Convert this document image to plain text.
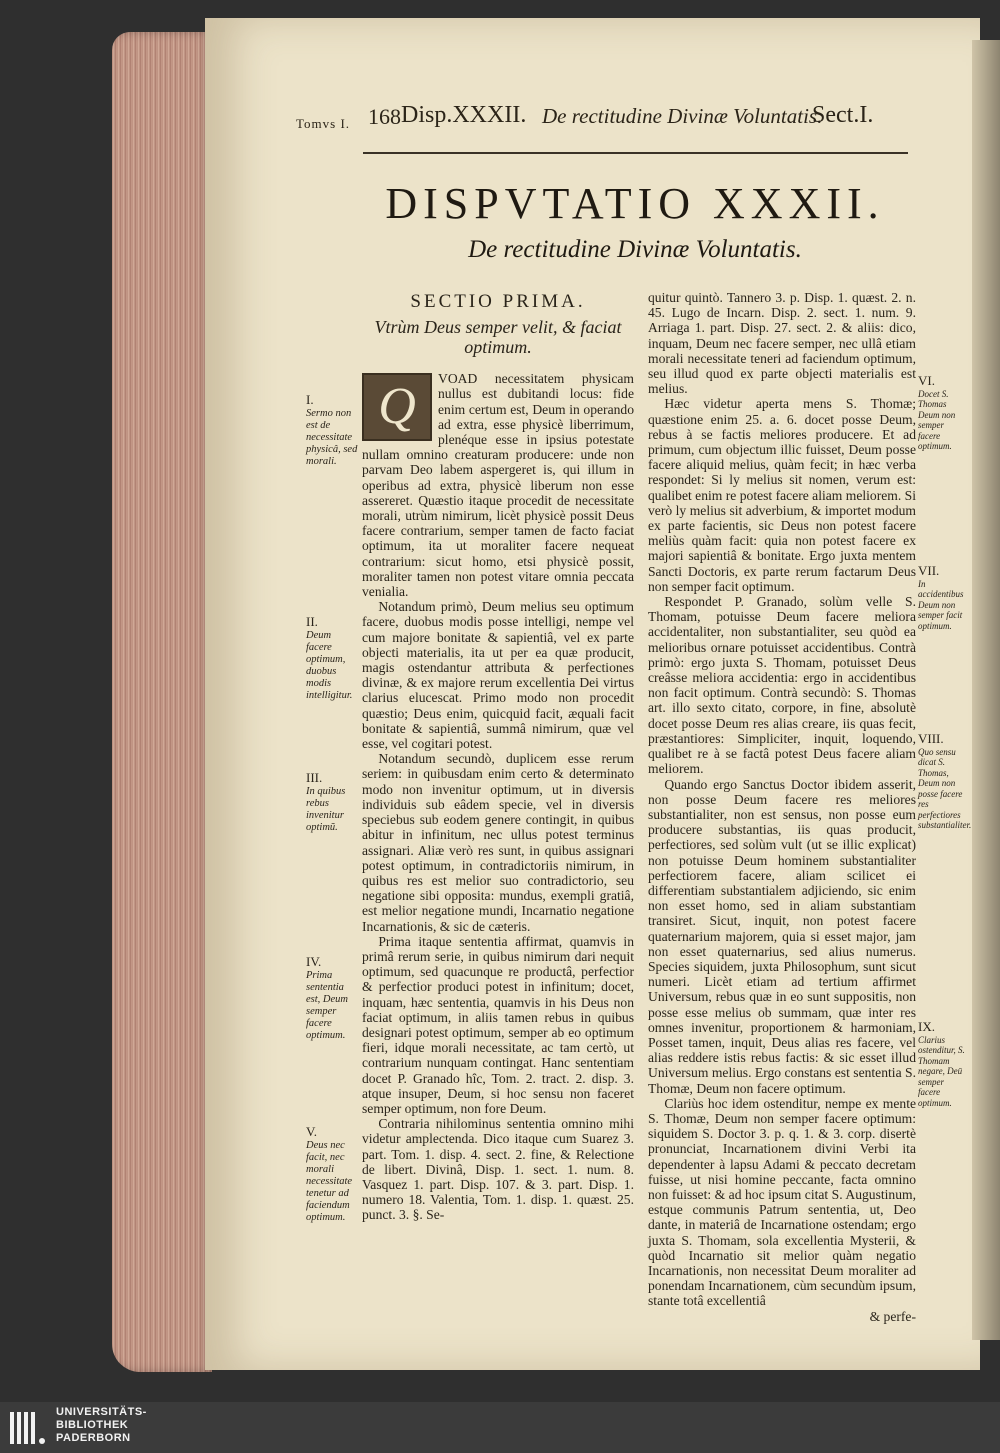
Tomvs I. 168 Disp.XXXII. De rectitudine Divinæ Voluntatis.
Sect.I.
DISPVTATIO XXXII.
De rectitudine Divinæ Voluntatis.
SECTIO PRIMA.
Vtrùm Deus semper velit, & faciat optimum.
Q	VOAD necessitatem physicam nullus est dubitandi locus: fide enim certum est, Deum in operando ad extra, esse physicè liberrimum, plenéque esse in ipsius potestate nullam omnino creaturam producere: unde non parvam Deo labem aspergeret is, qui illum in operibus ad extra, physicè liberum non esse assereret. Quæstio itaque procedit de necessitate morali, utrùm nimirum, licèt physicè possit Deus facere contrarium, semper tamen de facto faciat optimum, ita ut moraliter facere nequeat contrarium: sicut homo, etsi physicè possit, moraliter tamen non potest vitare omnia peccata venialia.

Notandum primò, Deum melius seu optimum facere, duobus modis posse intelligi, nempe vel cum majore bonitate & sapientiâ, vel ex parte objecti materialis, ita ut per ea quæ producit, magis ostendantur attributa & perfectiones divinæ, & ex majore rerum excellentia Dei virtus clarius elucescat. Primo modo non procedit quæstio; Deus enim, quicquid facit, æquali facit bonitate & sapientiâ, summâ nimirum, quæ vel esse, vel cogitari potest.

Notandum secundò, duplicem esse rerum seriem: in quibusdam enim certo & determinato modo non invenitur optimum, ut in diversis individuis sub eâdem specie, vel in diversis speciebus sub eodem genere contingit, in quibus abitur in infinitum, nec ullus potest terminus assignari. Aliæ verò res sunt, in quibus assignari potest optimum, in contradictoriis nimirum, in quibus res est melior suo contradictorio, seu negatione sibi opposita: mundus, exempli gratiâ, est melior negatione mundi, Incarnatio negatione Incarnationis, & sic de cæteris.

Prima itaque sententia affirmat, quamvis in primâ rerum serie, in quibus nimirum dari nequit optimum, sed quacunque re productâ, perfectior & perfectior produci potest in infinitum; docet, inquam, hæc sententia, quamvis in his Deus non faciat optimum, in aliis tamen rebus in quibus designari potest optimum, semper ab eo optimum fieri, idque morali necessitate, ac tam certò, ut contrarium nunquam contingat. Hanc sententiam docet P. Granado hîc, Tom. 2. tract. 2. disp. 3. atque insuper, Deum, si hoc sensu non faceret semper optimum, non fore Deum.

Contraria nihilominus sententia omnino mihi videtur amplectenda. Dico itaque cum Suarez 3. part. Tom. 1. disp. 4. sect. 2. fine, & Relectione de libert. Divinâ, Disp. 1. sect. 1. num. 8. Vasquez 1. part. Disp. 107. & 3. part. Disp. 1. numero 18. Valentia, Tom. 1. disp. 1. quæst. 25. punct. 3. §. Se-

quitur quintò. Tannero 3. p. Disp. 1. quæst. 2. n. 45. Lugo de Incarn. Disp. 2. sect. 1. num. 9. Arriaga 1. part. Disp. 27. sect. 2. & aliis: dico, inquam, Deum nec facere semper, nec ullâ etiam morali necessitate teneri ad faciendum optimum, seu illud quod ex parte objecti materialis est melius.

Hæc videtur aperta mens S. Thomæ; quæstione enim 25. a. 6. docet posse Deum, rebus à se factis meliores producere. Et ad primum, cum objectum illic fuisset, Deum posse facere aliquid melius, quàm fecit; in hæc verba respondet: Si ly melius sit nomen, verum est: qualibet enim re potest facere aliam meliorem. Si verò ly melius sit adverbium, & importet modum ex parte facientis, sic Deus non potest facere meliùs quàm facit: quia non potest facere ex majori sapientiâ & bonitate. Ergo juxta mentem Sancti Doctoris, ex parte rerum factarum Deus non semper facit optimum.

Respondet P. Granado, solùm velle S. Thomam, potuisse Deum facere meliora accidentaliter, non substantialiter, seu quòd ea melioribus ornare potuisset accidentibus. Contrà primò: ergo juxta S. Thomam, potuisset Deus creâsse meliora accidentia: ergo in accidentibus non facit optimum. Contrà secundò: S. Thomas art. illo sexto citato, corpore, in fine, absolutè docet posse Deum res alias creare, iis quas fecit, præstantiores: Simpliciter, inquit, loquendo, qualibet re à se factâ potest Deus facere aliam meliorem.

Quando ergo Sanctus Doctor ibidem asserit, non posse Deum facere res meliores substantialiter, non est sensus, non posse eum producere substantias, iis quas producit, perfectiores, sed solùm vult (ut se illic explicat) non potuisse Deum hominem substantialiter perfectiorem facere, aliam scilicet ei differentiam substantialem adjiciendo, sic enim non esset homo, sed in aliam substantiam transiret. Sicut, inquit, non potest facere quaternarium majorem, quia si esset major, jam non esset quaternarius, sed alius numerus. Species siquidem, juxta Philosophum, sunt sicut numeri. Licèt etiam ad tertium affirmet Universum, rebus quæ in eo sunt suppositis, non posse esse melius ob summam, quæ inter res omnes invenitur, proportionem & harmoniam, Posset tamen, inquit, Deus alias res facere, vel alias reddere istis rebus factis: & sic esset illud Universum melius. Ergo constans est sententia S. Thomæ, Deum non facere optimum.

Clariùs hoc idem ostenditur, nempe ex mente S. Thomæ, Deum non semper facere optimum: siquidem S. Doctor 3. p. q. 1. & 3. corp. disertè pronunciat, Incarnationem divini Verbi ita dependenter à lapsu Adami & peccato decretam fuisse, ut nisi homine peccante, facta omnino non fuisset: & ad hoc ipsum citat S. Augustinum, estque communis Patrum sententia, ut, Deo dante, in materiâ de Incarnatione ostendam; ergo juxta S. Thomam, sola excellentia Mysterii, & quòd Incarnatio sit melior quàm negatio Incarnationis, non necessitat Deum moraliter ad ponendam Incarnationem, cùm secundùm ipsum, stante totâ excellentiâ

& perfe-

I.
Sermo non est de necessitate physicâ, sed morali.
II.
Deum facere optimum, duobus modis intelligitur.
III.
In quibus rebus invenitur optimũ.
IV.
Prima sententia est, Deum semper facere optimum.
V.
Deus nec facit, nec morali necessitate tenetur ad faciendum optimum.
VI.
Docet S. Thomas Deum non semper facere optimum.
VII.
In accidentibus Deum non semper facit optimum.
VIII.
Quo sensu dicat S. Thomas, Deum non posse facere res perfectiores substantialiter.
IX.
Clarius ostenditur, S. Thomam negare, Deū semper facere optimum.
UNIVERSITÄTS-
BIBLIOTHEK
PADERBORN
